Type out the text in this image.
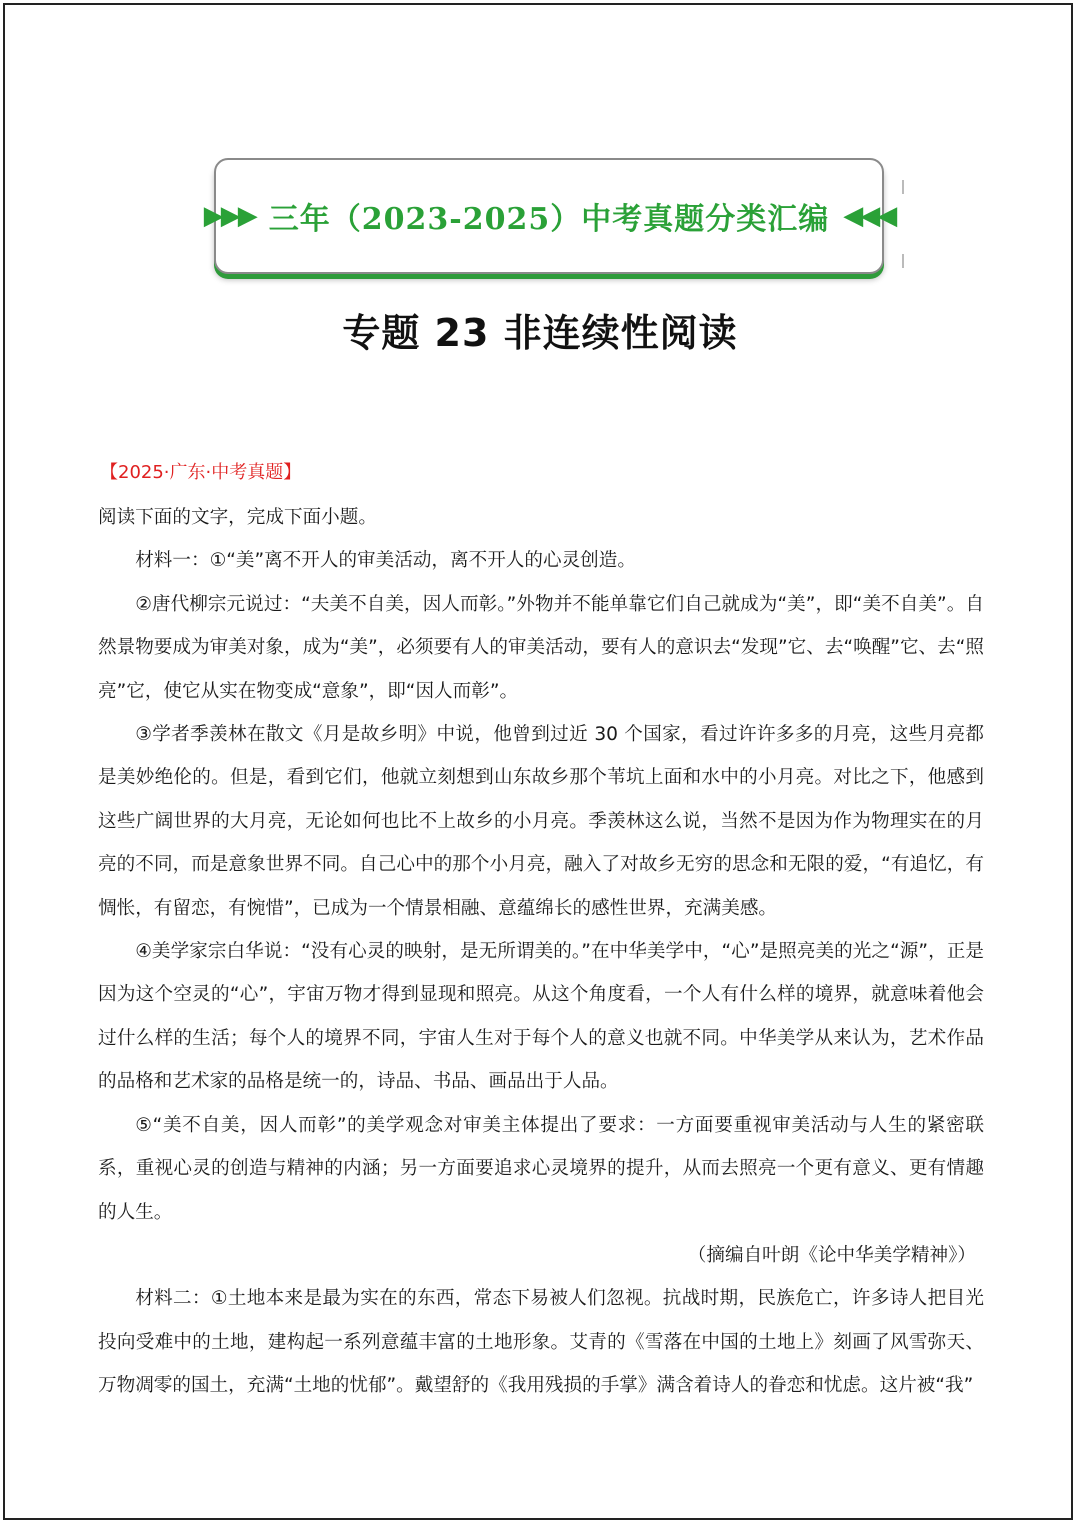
▶▶▶ 三年（2023-2025）中考真题分类汇编 ◀◀◀
专题 23 非连续性阅读
【2025·广东·中考真题】

阅读下面的文字，完成下面小题。

材料一：①“美”离不开人的审美活动，离不开人的心灵创造。

②唐代柳宗元说过：“夫美不自美，因人而彰。”外物并不能单靠它们自己就成为“美”，即“美不自美”。自然景物要成为审美对象，成为“美”，必须要有人的审美活动，要有人的意识去“发现”它、去“唤醒”它、去“照亮”它，使它从实在物变成“意象”，即“因人而彰”。

③学者季羡林在散文《月是故乡明》中说，他曾到过近 30 个国家，看过许许多多的月亮，这些月亮都是美妙绝伦的。但是，看到它们，他就立刻想到山东故乡那个苇坑上面和水中的小月亮。对比之下，他感到这些广阔世界的大月亮，无论如何也比不上故乡的小月亮。季羡林这么说，当然不是因为作为物理实在的月亮的不同，而是意象世界不同。自己心中的那个小月亮，融入了对故乡无穷的思念和无限的爱，“有追忆，有惆怅，有留恋，有惋惜”，已成为一个情景相融、意蕴绵长的感性世界，充满美感。

④美学家宗白华说：“没有心灵的映射，是无所谓美的。”在中华美学中，“心”是照亮美的光之“源”，正是因为这个空灵的“心”，宇宙万物才得到显现和照亮。从这个角度看，一个人有什么样的境界，就意味着他会过什么样的生活；每个人的境界不同，宇宙人生对于每个人的意义也就不同。中华美学从来认为，艺术作品的品格和艺术家的品格是统一的，诗品、书品、画品出于人品。

⑤“美不自美，因人而彰”的美学观念对审美主体提出了要求：一方面要重视审美活动与人生的紧密联系，重视心灵的创造与精神的内涵；另一方面要追求心灵境界的提升，从而去照亮一个更有意义、更有情趣的人生。

（摘编自叶朗《论中华美学精神》）

材料二：①土地本来是最为实在的东西，常态下易被人们忽视。抗战时期，民族危亡，许多诗人把目光投向受难中的土地，建构起一系列意蕴丰富的土地形象。艾青的《雪落在中国的土地上》刻画了风雪弥天、万物凋零的国土，充满“土地的忧郁”。戴望舒的《我用残损的手掌》满含着诗人的眷恋和忧虑。这片被“我”
